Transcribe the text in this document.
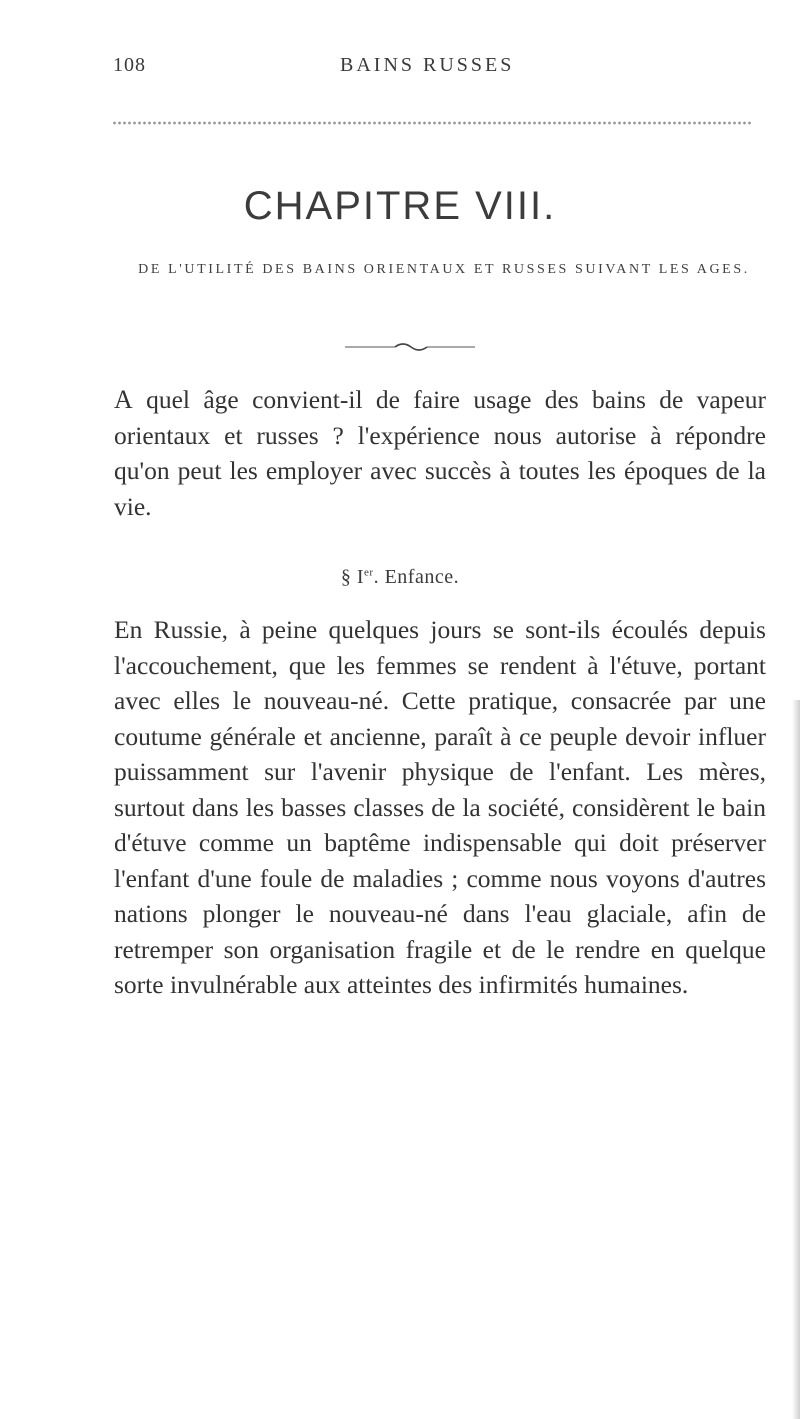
108	BAINS RUSSES
CHAPITRE VIII.
DE L'UTILITÉ DES BAINS ORIENTAUX ET RUSSES SUIVANT LES AGES.
A quel âge convient-il de faire usage des bains de vapeur orientaux et russes ? l'expérience nous autorise à répondre qu'on peut les employer avec succès à toutes les époques de la vie.
§ Ier. Enfance.
En Russie, à peine quelques jours se sont-ils écoulés depuis l'accouchement, que les femmes se rendent à l'étuve, portant avec elles le nouveau-né. Cette pratique, consacrée par une coutume générale et ancienne, paraît à ce peuple devoir influer puissamment sur l'avenir physique de l'enfant. Les mères, surtout dans les basses classes de la société, considèrent le bain d'étuve comme un baptême indispensable qui doit préserver l'enfant d'une foule de maladies ; comme nous voyons d'autres nations plonger le nouveau-né dans l'eau glaciale, afin de retremper son organisation fragile et de le rendre en quelque sorte invulnérable aux atteintes des infirmités humaines.
